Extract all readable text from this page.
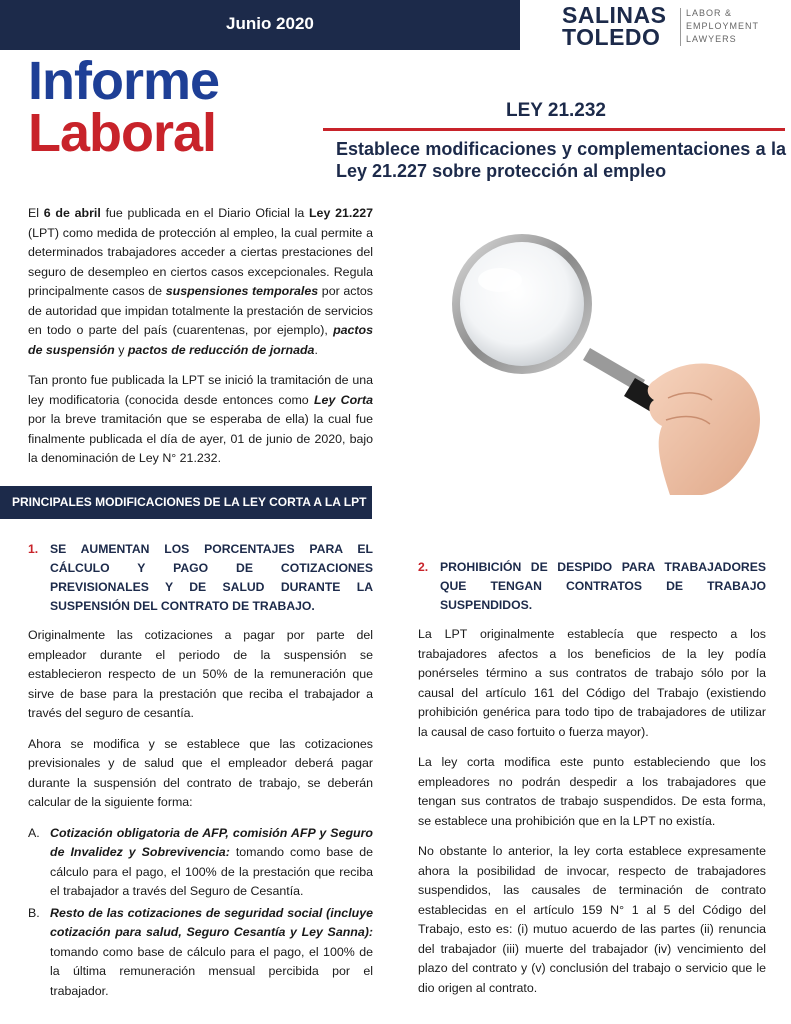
Junio 2020	SALINAS
TOLEDO
LABOR &
EMPLOYMENT
LAWYERS
Informe
Laboral	LEY 21.232
Establece modificaciones y complementaciones a la Ley 21.227 sobre protección al empleo

El 6 de abril fue publicada en el Diario Oficial la Ley 21.227 (LPT) como medida de protección al empleo, la cual permite a determinados trabajadores acceder a ciertas prestaciones del seguro de desempleo en ciertos casos excepcionales. Regula principalmente casos de suspensiones temporales por actos de autoridad que impidan totalmente la prestación de servicios en todo o parte del país (cuarentenas, por ejemplo), pactos de suspensión y pactos de reducción de jornada.

Tan pronto fue publicada la LPT se inició la tramitación de una ley modificatoria (conocida desde entonces como Ley Corta por la breve tramitación que se esperaba de ella) la cual fue finalmente publicada el día de ayer, 01 de junio de 2020, bajo la denominación de Ley N° 21.232.

PRINCIPALES MODIFICACIONES DE LA LEY CORTA A LA LPT
1. SE AUMENTAN LOS PORCENTAJES PARA EL CÁLCULO Y PAGO DE COTIZACIONES PREVISIONALES Y DE SALUD DURANTE LA SUSPENSIÓN DEL CONTRATO DE TRABAJO.

Originalmente las cotizaciones a pagar por parte del empleador durante el periodo de la suspensión se establecieron respecto de un 50% de la remuneración que sirve de base para la prestación que reciba el trabajador a través del seguro de cesantía.

Ahora se modifica y se establece que las cotizaciones previsionales y de salud que el empleador deberá pagar durante la suspensión del contrato de trabajo, se deberán calcular de la siguiente forma:

A. Cotización obligatoria de AFP, comisión AFP y Seguro de Invalidez y Sobrevivencia: tomando como base de cálculo para el pago, el 100% de la prestación que reciba el trabajador a través del Seguro de Cesantía.
B. Resto de las cotizaciones de seguridad social (incluye cotización para salud, Seguro Cesantía y Ley Sanna): tomando como base de cálculo para el pago, el 100% de la última remuneración mensual percibida por el trabajador.
2. PROHIBICIÓN DE DESPIDO PARA TRABAJADORES QUE TENGAN CONTRATOS DE TRABAJO SUSPENDIDOS.

La LPT originalmente establecía que respecto a los trabajadores afectos a los beneficios de la ley podía ponérseles término a sus contratos de trabajo sólo por la causal del artículo 161 del Código del Trabajo (existiendo prohibición genérica para todo tipo de trabajadores de utilizar la causal de caso fortuito o fuerza mayor).

La ley corta modifica este punto estableciendo que los empleadores no podrán despedir a los trabajadores que tengan sus contratos de trabajo suspendidos. De esta forma, se establece una prohibición que en la LPT no existía.

No obstante lo anterior, la ley corta establece expresamente ahora la posibilidad de invocar, respecto de trabajadores suspendidos, las causales de terminación de contrato establecidas en el artículo 159 N° 1 al 5 del Código del Trabajo, esto es: (i) mutuo acuerdo de las partes (ii) renuncia del trabajador (iii) muerte del trabajador (iv) vencimiento del plazo del contrato y (v) conclusión del trabajo o servicio que le dio origen al contrato.
